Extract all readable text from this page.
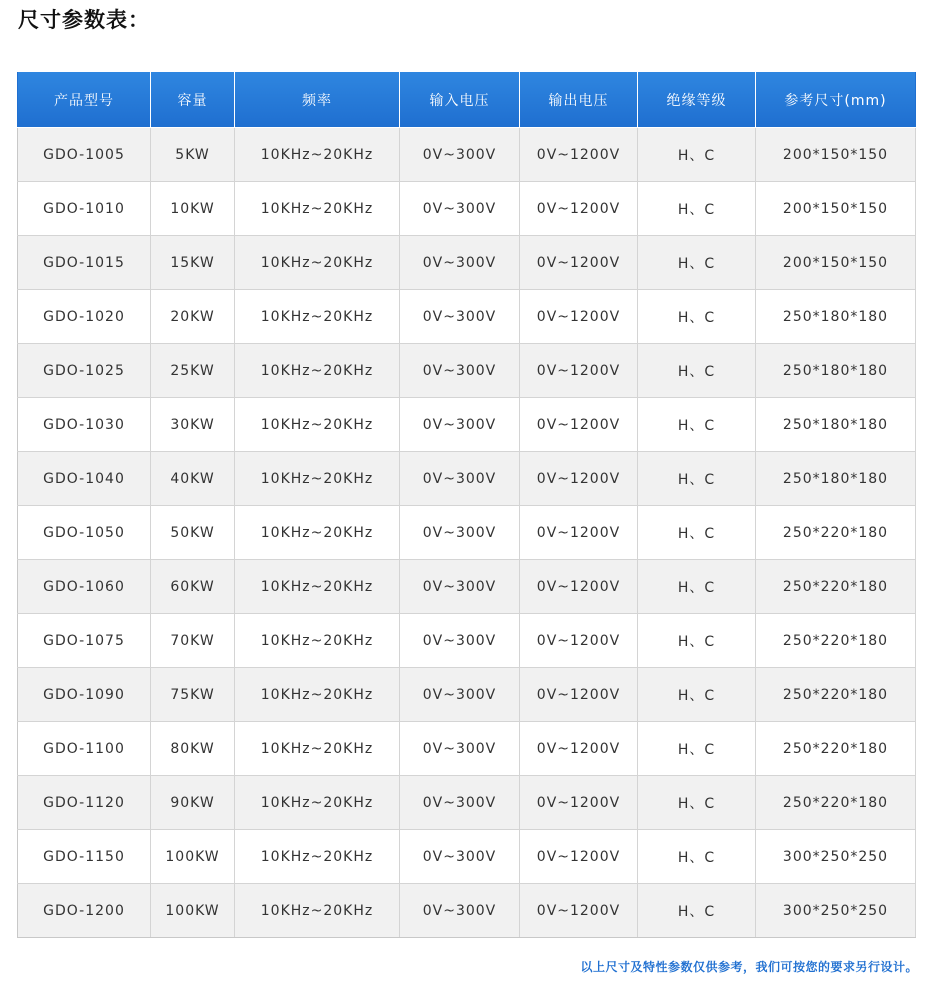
尺寸参数表：
产品型号	容量	频率	输入电压	输出电压	绝缘等级	参考尺寸(mm)
GDO-1005	5KW	10KHz~20KHz	0V~300V	0V~1200V	H、C	200*150*150
GDO-1010	10KW	10KHz~20KHz	0V~300V	0V~1200V	H、C	200*150*150
GDO-1015	15KW	10KHz~20KHz	0V~300V	0V~1200V	H、C	200*150*150
GDO-1020	20KW	10KHz~20KHz	0V~300V	0V~1200V	H、C	250*180*180
GDO-1025	25KW	10KHz~20KHz	0V~300V	0V~1200V	H、C	250*180*180
GDO-1030	30KW	10KHz~20KHz	0V~300V	0V~1200V	H、C	250*180*180
GDO-1040	40KW	10KHz~20KHz	0V~300V	0V~1200V	H、C	250*180*180
GDO-1050	50KW	10KHz~20KHz	0V~300V	0V~1200V	H、C	250*220*180
GDO-1060	60KW	10KHz~20KHz	0V~300V	0V~1200V	H、C	250*220*180
GDO-1075	70KW	10KHz~20KHz	0V~300V	0V~1200V	H、C	250*220*180
GDO-1090	75KW	10KHz~20KHz	0V~300V	0V~1200V	H、C	250*220*180
GDO-1100	80KW	10KHz~20KHz	0V~300V	0V~1200V	H、C	250*220*180
GDO-1120	90KW	10KHz~20KHz	0V~300V	0V~1200V	H、C	250*220*180
GDO-1150	100KW	10KHz~20KHz	0V~300V	0V~1200V	H、C	300*250*250
GDO-1200	100KW	10KHz~20KHz	0V~300V	0V~1200V	H、C	300*250*250
以上尺寸及特性参数仅供参考，我们可按您的要求另行设计。
